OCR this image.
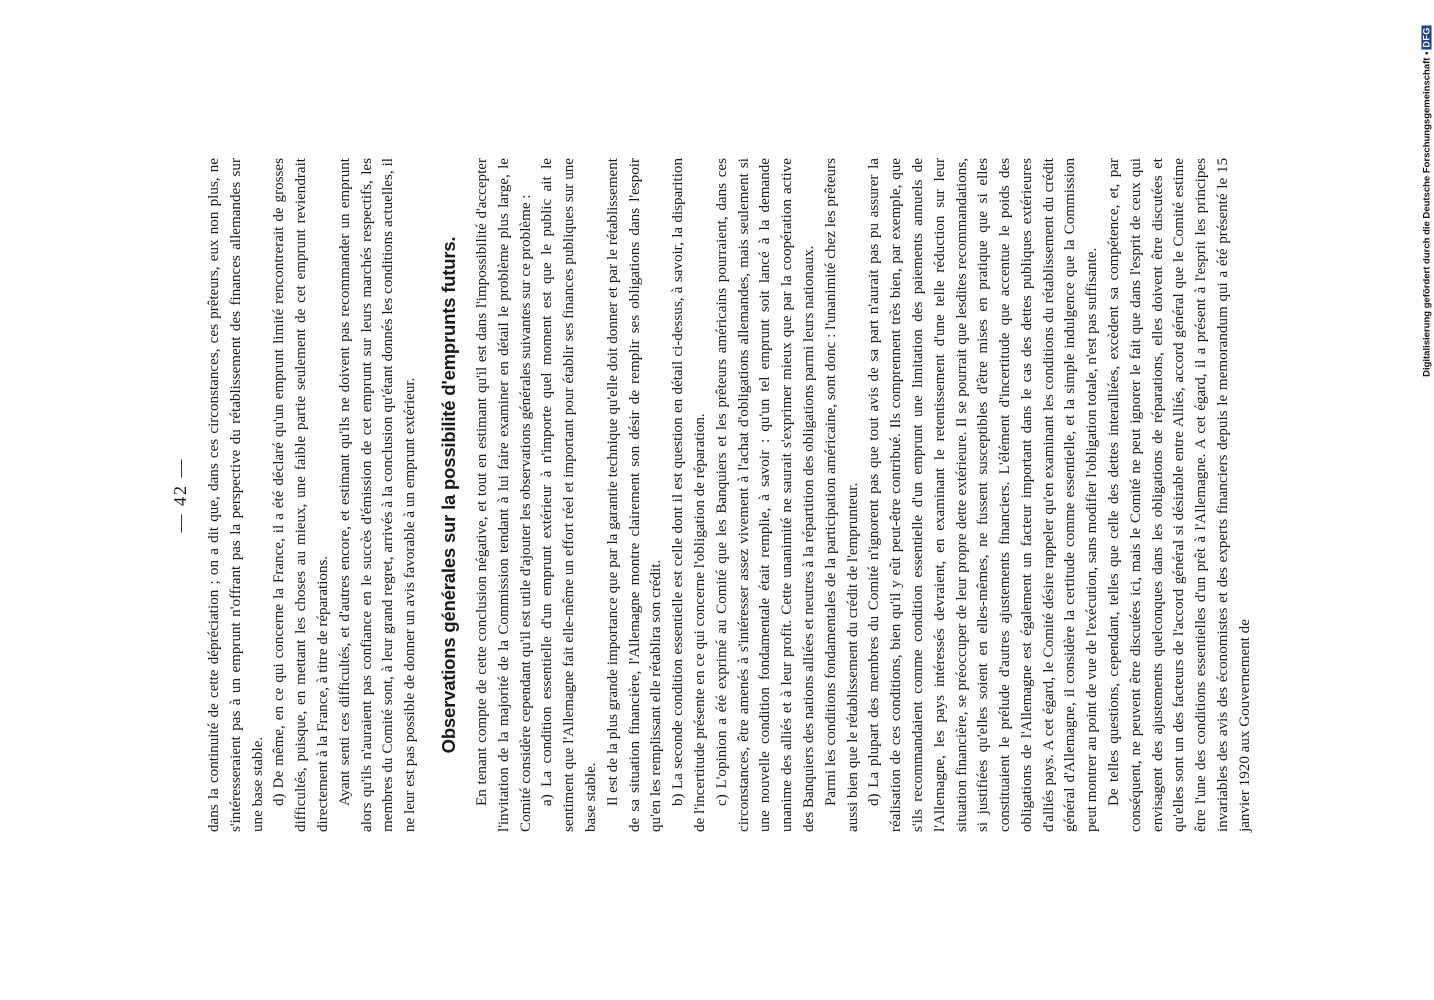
— 42 — dans la continuité de cette dépréciation ; on a dit que, dans ces circonstances, ces prêteurs, eux non plus, ne s'intéresseraient pas à un emprunt n'offrant pas la perspective du rétablissement des finances allemandes sur une base stable. d) De même, en ce qui concerne la France, il a été déclaré qu'un emprunt limité rencontrerait de grosses difficultés, puisque, en mettant les choses au mieux, une faible partie seulement de cet emprunt reviendrait directement à la France, à titre de réparations. Ayant senti ces difficultés, et d'autres encore, et estimant qu'ils ne doivent pas recommander un emprunt alors qu'ils n'auraient pas confiance en le succès d'émission de cet emprunt sur leurs marchés respectifs, les membres du Comité sont, à leur grand regret, arrivés à la conclusion qu'étant donnés les conditions actuelles, il ne leur est pas possible de donner un avis favorable à un emprunt extérieur. Observations générales sur la possibilité d'emprunts futurs. En tenant compte de cette conclusion négative, et tout en estimant qu'il est dans l'impossibilité d'accepter l'invitation de la majorité de la Commission tendant à lui faire examiner en détail le problème plus large, le Comité considère cependant qu'il est utile d'ajouter les observations générales suivantes sur ce problème : a) La condition essentielle d'un emprunt extérieur à n'importe quel moment est que le public ait le sentiment que l'Allemagne fait elle-même un effort réel et important pour établir ses finances publiques sur une base stable. Il est de la plus grande importance que par la garantie technique qu'elle doit donner et par le rétablissement de sa situation financière, l'Allemagne montre clairement son désir de remplir ses obligations dans l'espoir qu'en les remplissant elle rétablira son crédit. b) La seconde condition essentielle est celle dont il est question en détail ci-dessus, à savoir, la disparition de l'incertitude présente en ce qui concerne l'obligation de réparation. c) L'opinion a été exprimé au Comité que les Banquiers et les prêteurs américains pourraient, dans ces circonstances, être amenés à s'intéresser assez vivement à l'achat d'obligations allemandes, mais seulement si une nouvelle condition fondamentale était remplie, à savoir : qu'un tel emprunt soit lancé à la demande unanime des alliés et à leur profit. Cette unanimité ne saurait s'exprimer mieux que par la coopération active des Banquiers des nations alliées et neutres à la répartition des obligations parmi leurs nationaux. Parmi les conditions fondamentales de la participation américaine, sont donc : l'unanimité chez les prêteurs aussi bien que le rétablissement du crédit de l'emprunteur. d) La plupart des membres du Comité n'ignorent pas que tout avis de sa part n'aurait pas pu assurer la réalisation de ces conditions, bien qu'il y eût peut-être contribué. Ils comprennent très bien, par exemple, que s'ils recommandaient comme condition essentielle d'un emprunt une limitation des paiements annuels de l'Allemagne, les pays intéressés devraient, en examinant le retentissement d'une telle réduction sur leur situation financière, se préoccuper de leur propre dette extérieure. Il se pourrait que lesdites recommandations, si justifiées qu'elles soient en elles-mêmes, ne fussent susceptibles d'être mises en pratique que si elles constituaient le prélude d'autres ajustements financiers. L'élément d'incertitude que accentue le poids des obligations de l'Allemagne est également un facteur important dans le cas des dettes publiques extérieures d'alliés pays. A cet égard, le Comité désire rappeler qu'en examinant les conditions du rétablissement du crédit général d'Allemagne, il considère la certitude comme essentielle, et la simple indulgence que la Commission peut montrer au point de vue de l'exécution, sans modifier l'obligation totale, n'est pas suffisante. De telles questions, cependant, telles que celle des dettes interalliées, excèdent sa compétence, et, par conséquent, ne peuvent être discutées ici, mais le Comité ne peut ignorer le fait que dans l'esprit de ceux qui envisagent des ajustements quelconques dans les obligations de réparations, elles doivent être discutées et qu'elles sont un des facteurs de l'accord général si désirable entre Alliés, accord général que le Comité estime être l'une des conditions essentielles d'un prêt à l'Allemagne. A cet égard, il a présent à l'esprit les principes invariables des avis des économistes et des experts financiers depuis le memorandum qui a été présenté le 15 janvier 1920 aux Gouvernement de

Digitalisierung gefördert durch die Deutsche Forschungsgemeinschaft •DFG
